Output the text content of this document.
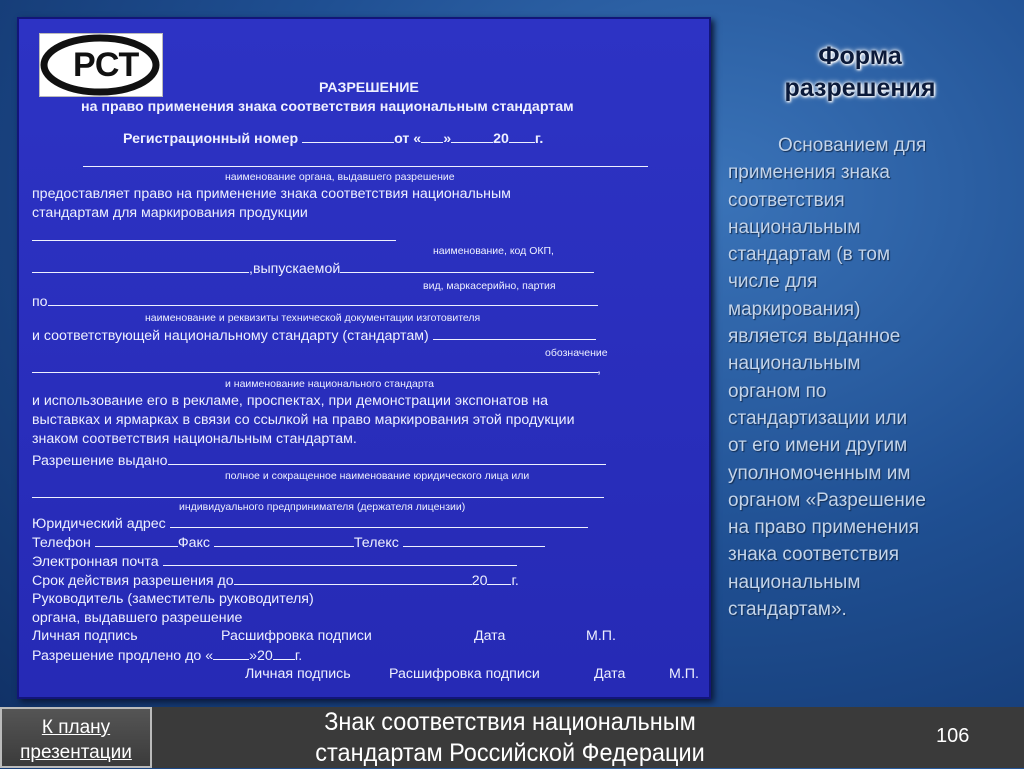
Форма
разрешения
Основанием для
применения знака
соответствия
национальным
стандартам (в том
числе для
маркирования)
является выданное
национальным
органом по
стандартизации или
от его имени другим
уполномоченным им
органом «Разрешение
на право применения
знака соответствия
национальным
стандартам».
РСТ
РАЗРЕШЕНИЕ
на право применения знака соответствия национальным стандартам
Регистрационный номер	от « »	20 г.
наименование органа, выдавшего разрешение
предоставляет право на применение знака соответствия национальным
стандартам для маркирования продукции
наименование, код ОКП,
,выпускаемой
вид, маркасерийно, партия
по
наименование и реквизиты технической документации изготовителя
и соответствующей национальному стандарту (стандартам)
обозначение
,
и наименование национального стандарта
и использование его в рекламе, проспектах, при демонстрации экспонатов на
выставках и ярмарках в связи со ссылкой на право маркирования этой продукции
знаком соответствия национальным стандартам.
Разрешение выдано
полное и сокращенное наименование юридического лица или
индивидуального предпринимателя (держателя лицензии)
Юридический адрес
Телефон	Факс	Телекс
Электронная почта
Срок действия разрешения до	20 г.
Руководитель (заместитель руководителя)
органа, выдавшего разрешение
Личная подпись	Расшифровка подписи	Дата	М.П.
Разрешение продлено до «	»20 г.
Личная подпись	Расшифровка подписи	Дата	М.П.
К плану
презентации
Знак соответствия национальным
стандартам Российской Федерации
106
